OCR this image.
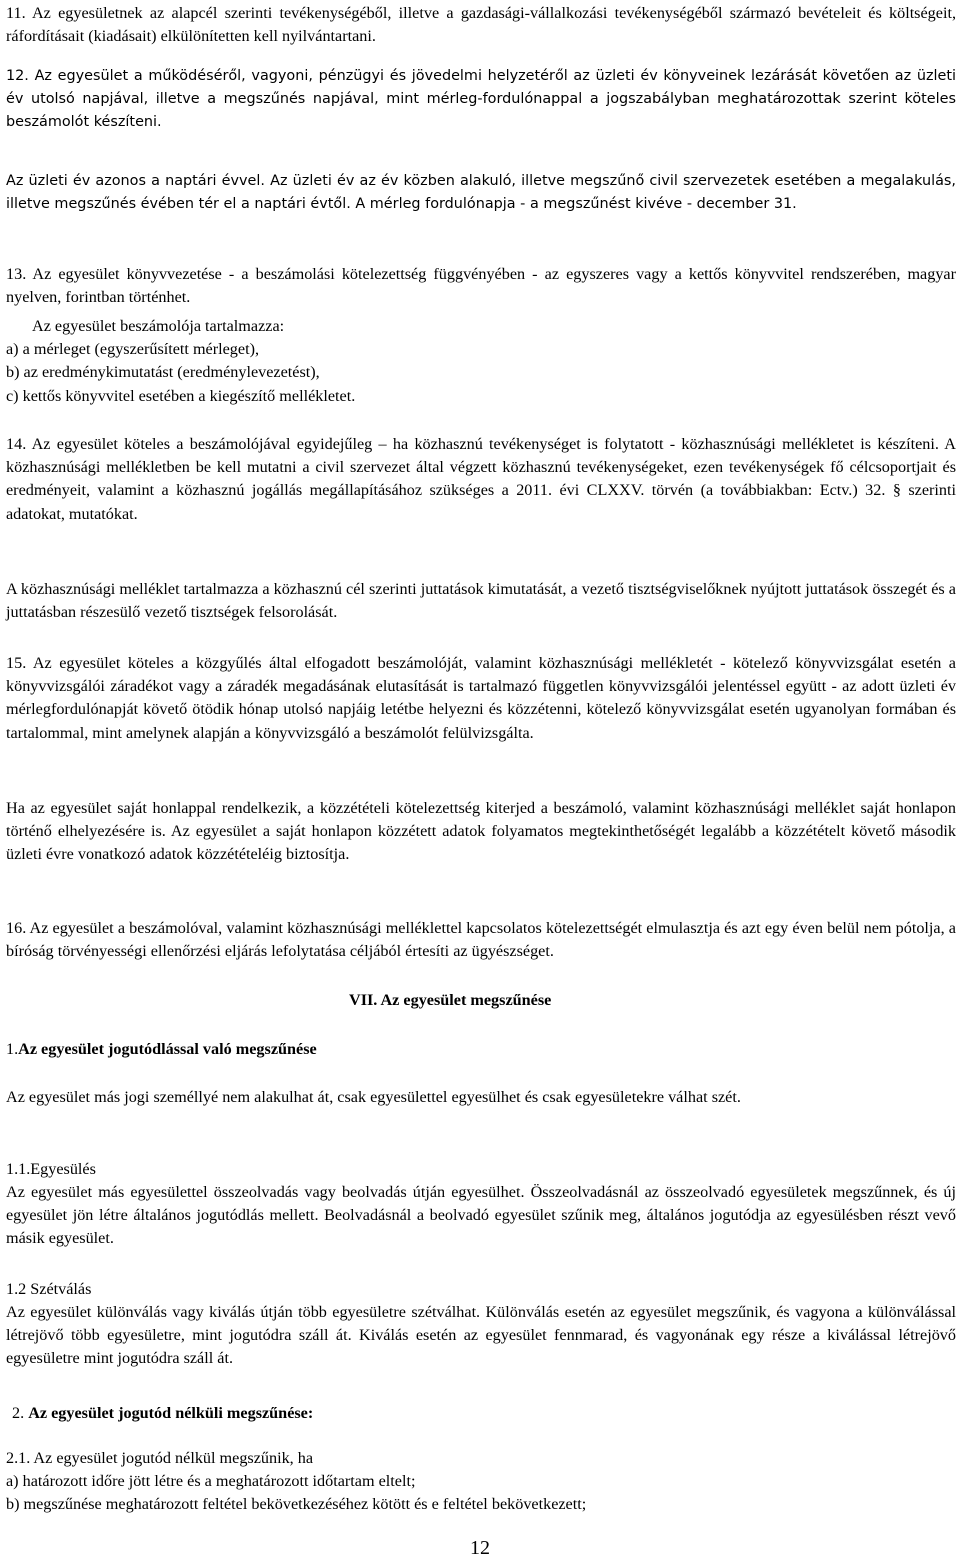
11. Az egyesületnek az alapcél szerinti tevékenységéből, illetve a gazdasági-vállalkozási tevékenységéből származó bevételeit és költségeit, ráfordításait (kiadásait) elkülönítetten kell nyilvántartani.

12. Az egyesület a működéséről, vagyoni, pénzügyi és jövedelmi helyzetéről az üzleti év könyveinek lezárását követően az üzleti év utolsó napjával, illetve a megszűnés napjával, mint mérleg-fordulónappal a jogszabályban meghatározottak szerint köteles beszámolót készíteni.

Az üzleti év azonos a naptári évvel. Az üzleti év az év közben alakuló, illetve megszűnő civil szervezetek esetében a megalakulás, illetve megszűnés évében tér el a naptári évtől. A mérleg fordulónapja - a megszűnést kivéve - december 31.

13. Az egyesület könyvvezetése - a beszámolási kötelezettség függvényében - az egyszeres vagy a kettős könyvvitel rendszerében, magyar nyelven, forintban történhet.

Az egyesület beszámolója tartalmazza:
a) a mérleget (egyszerűsített mérleget),
b) az eredménykimutatást (eredménylevezetést),
c) kettős könyvvitel esetében a kiegészítő mellékletet.

14. Az egyesület köteles a beszámolójával egyidejűleg – ha közhasznú tevékenységet is folytatott - közhasznúsági mellékletet is készíteni. A közhasznúsági mellékletben be kell mutatni a civil szervezet által végzett közhasznú tevékenységeket, ezen tevékenységek fő célcsoportjait és eredményeit, valamint a közhasznú jogállás megállapításához szükséges a 2011. évi CLXXV. törvén (a továbbiakban: Ectv.) 32. § szerinti adatokat, mutatókat.

A közhasznúsági melléklet tartalmazza a közhasznú cél szerinti juttatások kimutatását, a vezető tisztségviselőknek nyújtott juttatások összegét és a juttatásban részesülő vezető tisztségek felsorolását.

15. Az egyesület köteles a közgyűlés által elfogadott beszámolóját, valamint közhasznúsági mellékletét - kötelező könyvvizsgálat esetén a könyvvizsgálói záradékot vagy a záradék megadásának elutasítását is tartalmazó független könyvvizsgálói jelentéssel együtt - az adott üzleti év mérlegfordulónapját követő ötödik hónap utolsó napjáig letétbe helyezni és közzétenni, kötelező könyvvizsgálat esetén ugyanolyan formában és tartalommal, mint amelynek alapján a könyvvizsgáló a beszámolót felülvizsgálta.

Ha az egyesület saját honlappal rendelkezik, a közzétételi kötelezettség kiterjed a beszámoló, valamint közhasznúsági melléklet saját honlapon történő elhelyezésére is. Az egyesület a saját honlapon közzétett adatok folyamatos megtekinthetőségét legalább a közzétételt követő második üzleti évre vonatkozó adatok közzétételéig biztosítja.

16. Az egyesület a beszámolóval, valamint közhasznúsági melléklettel kapcsolatos kötelezettségét elmulasztja és azt egy éven belül nem pótolja, a bíróság törvényességi ellenőrzési eljárás lefolytatása céljából értesíti az ügyészséget.

VII. Az egyesület megszűnése

1.Az egyesület jogutódlással való megszűnése

Az egyesület más jogi személlyé nem alakulhat át, csak egyesülettel egyesülhet és csak egyesületekre válhat szét.

1.1.Egyesülés

Az egyesület más egyesülettel összeolvadás vagy beolvadás útján egyesülhet. Összeolvadásnál az összeolvadó egyesületek megszűnnek, és új egyesület jön létre általános jogutódlás mellett. Beolvadásnál a beolvadó egyesület szűnik meg, általános jogutódja az egyesülésben részt vevő másik egyesület.

1.2 Szétválás

Az egyesület különválás vagy kiválás útján több egyesületre szétválhat. Különválás esetén az egyesület megszűnik, és vagyona a különválással létrejövő több egyesületre, mint jogutódra száll át. Kiválás esetén az egyesület fennmarad, és vagyonának egy része a kiválással létrejövő egyesületre mint jogutódra száll át.

2. Az egyesület jogutód nélküli megszűnése:

2.1. Az egyesület jogutód nélkül megszűnik, ha
a) határozott időre jött létre és a meghatározott időtartam eltelt;
b) megszűnése meghatározott feltétel bekövetkezéséhez kötött és e feltétel bekövetkezett;
12
